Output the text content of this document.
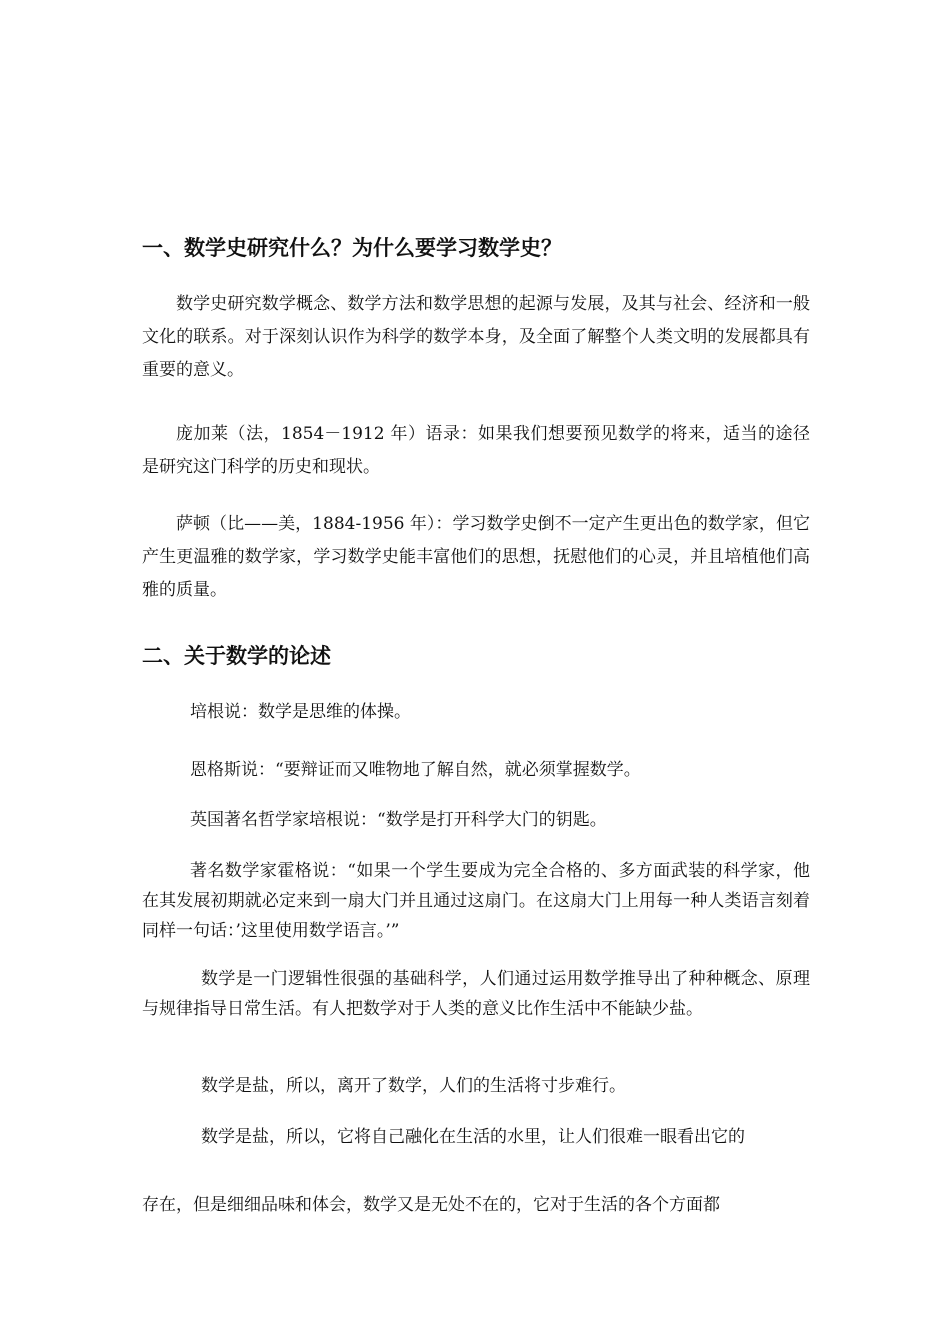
一、数学史研究什么？为什么要学习数学史？

数学史研究数学概念、数学方法和数学思想的起源与发展，及其与社会、经济和一般文化的联系。对于深刻认识作为科学的数学本身，及全面了解整个人类文明的发展都具有重要的意义。

庞加莱（法，1854－1912 年）语录：如果我们想要预见数学的将来，适当的途径是研究这门科学的历史和现状。

萨顿（比——美，1884-1956 年）：学习数学史倒不一定产生更出色的数学家，但它产生更温雅的数学家，学习数学史能丰富他们的思想，抚慰他们的心灵，并且培植他们高雅的质量。

二、关于数学的论述

培根说：数学是思维的体操。

恩格斯说：“要辩证而又唯物地了解自然，就必须掌握数学。

英国著名哲学家培根说：“数学是打开科学大门的钥匙。

著名数学家霍格说：“如果一个学生要成为完全合格的、多方面武装的科学家，他在其发展初期就必定来到一扇大门并且通过这扇门。在这扇大门上用每一种人类语言刻着同样一句话：’这里使用数学语言。’”

数学是一门逻辑性很强的基础科学，人们通过运用数学推导出了种种概念、原理与规律指导日常生活。有人把数学对于人类的意义比作生活中不能缺少盐。

数学是盐，所以，离开了数学，人们的生活将寸步难行。

数学是盐，所以，它将自己融化在生活的水里，让人们很难一眼看出它的

存在，但是细细品味和体会，数学又是无处不在的，它对于生活的各个方面都
